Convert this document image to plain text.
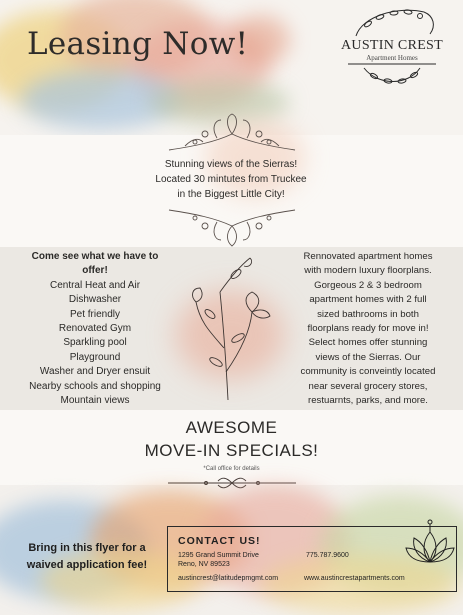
Leasing Now!	AUSTIN CREST
Apartment Homes
Stunning views of the Sierras!
Located 30 mintutes from Truckee
in the Biggest Little City!
Come see what we have to
offer!
Central Heat and Air
Dishwasher
Pet friendly
Renovated Gym
Sparkling pool
Playground
Washer and Dryer ensuit
Nearby schools and shopping
Mountain views
Rennovated apartment homes
with modern luxury floorplans.
Gorgeous 2 & 3 bedroom
apartment homes with 2 full
sized bathrooms in both
floorplans ready for move in!
Select homes offer stunning
views of the Sierras. Our
community is conveintly located
near several grocery stores,
restuarnts, parks, and more.
AWESOME
MOVE-IN SPECIALS!
*Call office for details
Bring in this flyer for a
waived application fee!
CONTACT US!
1295 Grand Summit Drive
Reno, NV 89523
775.787.9600
austincrest@latitudepmgmt.com	www.austincrestapartments.com
